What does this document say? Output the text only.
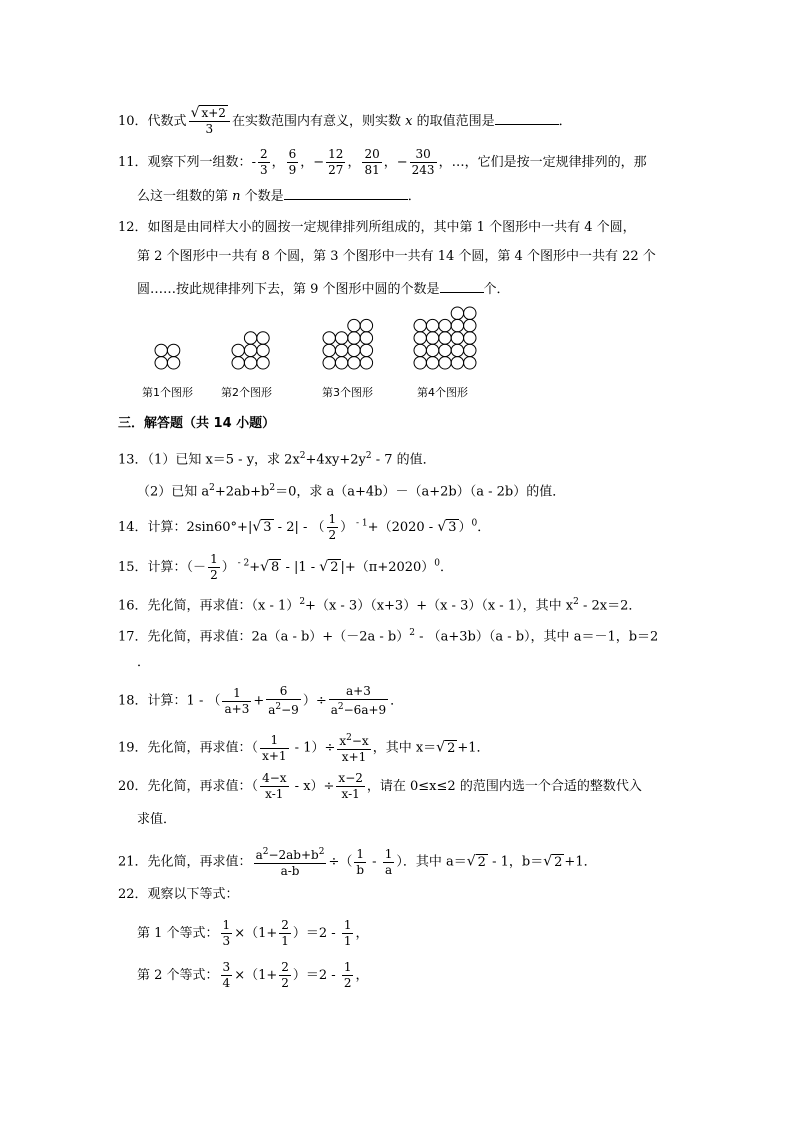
10．代数式 $\frac{√ x+2}{3}$ 在实数范围内有意义，则实数 x 的取值范围是	．
11．观察下列一组数：- $\frac{2}{3}$ ， $\frac{6}{9}$ ，− $\frac{12}{27}$ ， $\frac{20}{81}$ ，− $\frac{30}{243}$ ，…，它们是按一定规律排列的，那
么这一组数的第 n 个数是	．
12．如图是由同样大小的圆按一定规律排列所组成的，其中第 1 个图形中一共有 4 个圆，
第 2 个图形中一共有 8 个圆，第 3 个图形中一共有 14 个圆，第 4 个图形中一共有 22 个
圆……按此规律排列下去，第 9 个图形中圆的个数是	个．
第1个图形	第2个图形	第3个图形	第4个图形
三．解答题（共 14 小题）
13．（1）已知 x＝5 - y，求 $2x^2+4xy+2y^2 - 7$ 的值．
（2）已知 $a^2+2ab+b^2=0$，求 a（a+4b）－（a+2b）（a - 2b）的值．
14．计算：2sin60°+|√ 3 - 2| - （ $\frac{1}{2}$ ） $^{- 1}$+（2020 - √ 3 ）$^0$．
15．计算：（－ $\frac{1}{2}$ ） $^{- 2}$+√ 8 - |1 - √ 2 $|+(\pi+2020)^0$．
16．先化简，再求值：（x - 1）$^2$+（x - 3）（x+3）+（x - 3）（x - 1），其中 $x^2 - 2x=2$．
17．先化简，再求值：$2a(a - b)+(-2a - b)^2 - (a+3b)(a - b)$，其中 a＝－1，b＝2
．
18．计算：1 - （ $\frac{1}{a+3} + \frac{6}{a^2-9}$ ）÷ $\frac{a+3}{a^2-6a+9}$ ．
19．先化简，再求值：（ $\frac{1}{x+1} - 1)\div \frac{x^2-x}{x+1}$ ，其中 x＝√ 2 +1．
20．先化简，再求值：（ $\frac{4-x}{x-1} - x)\div \frac{x-2}{x-1}$ ，请在 0≤x≤2 的范围内选一个合适的整数代入
求值．
21．先化简，再求值： $\frac{a^2-2ab+b^2}{a-b}$ ÷（ $\frac{1}{b} - \frac{1}{a}$ ）．其中 a＝√ 2 - 1，b＝√ 2 +1．
22．观察以下等式：
第 1 个等式： $\frac{1}{3} \times(1+ \frac{2}{1} )=2 - \frac{1}{1}$ ，
第 2 个等式： $\frac{3}{4} \times(1+ \frac{2}{2} )=2 - \frac{1}{2}$ ，
